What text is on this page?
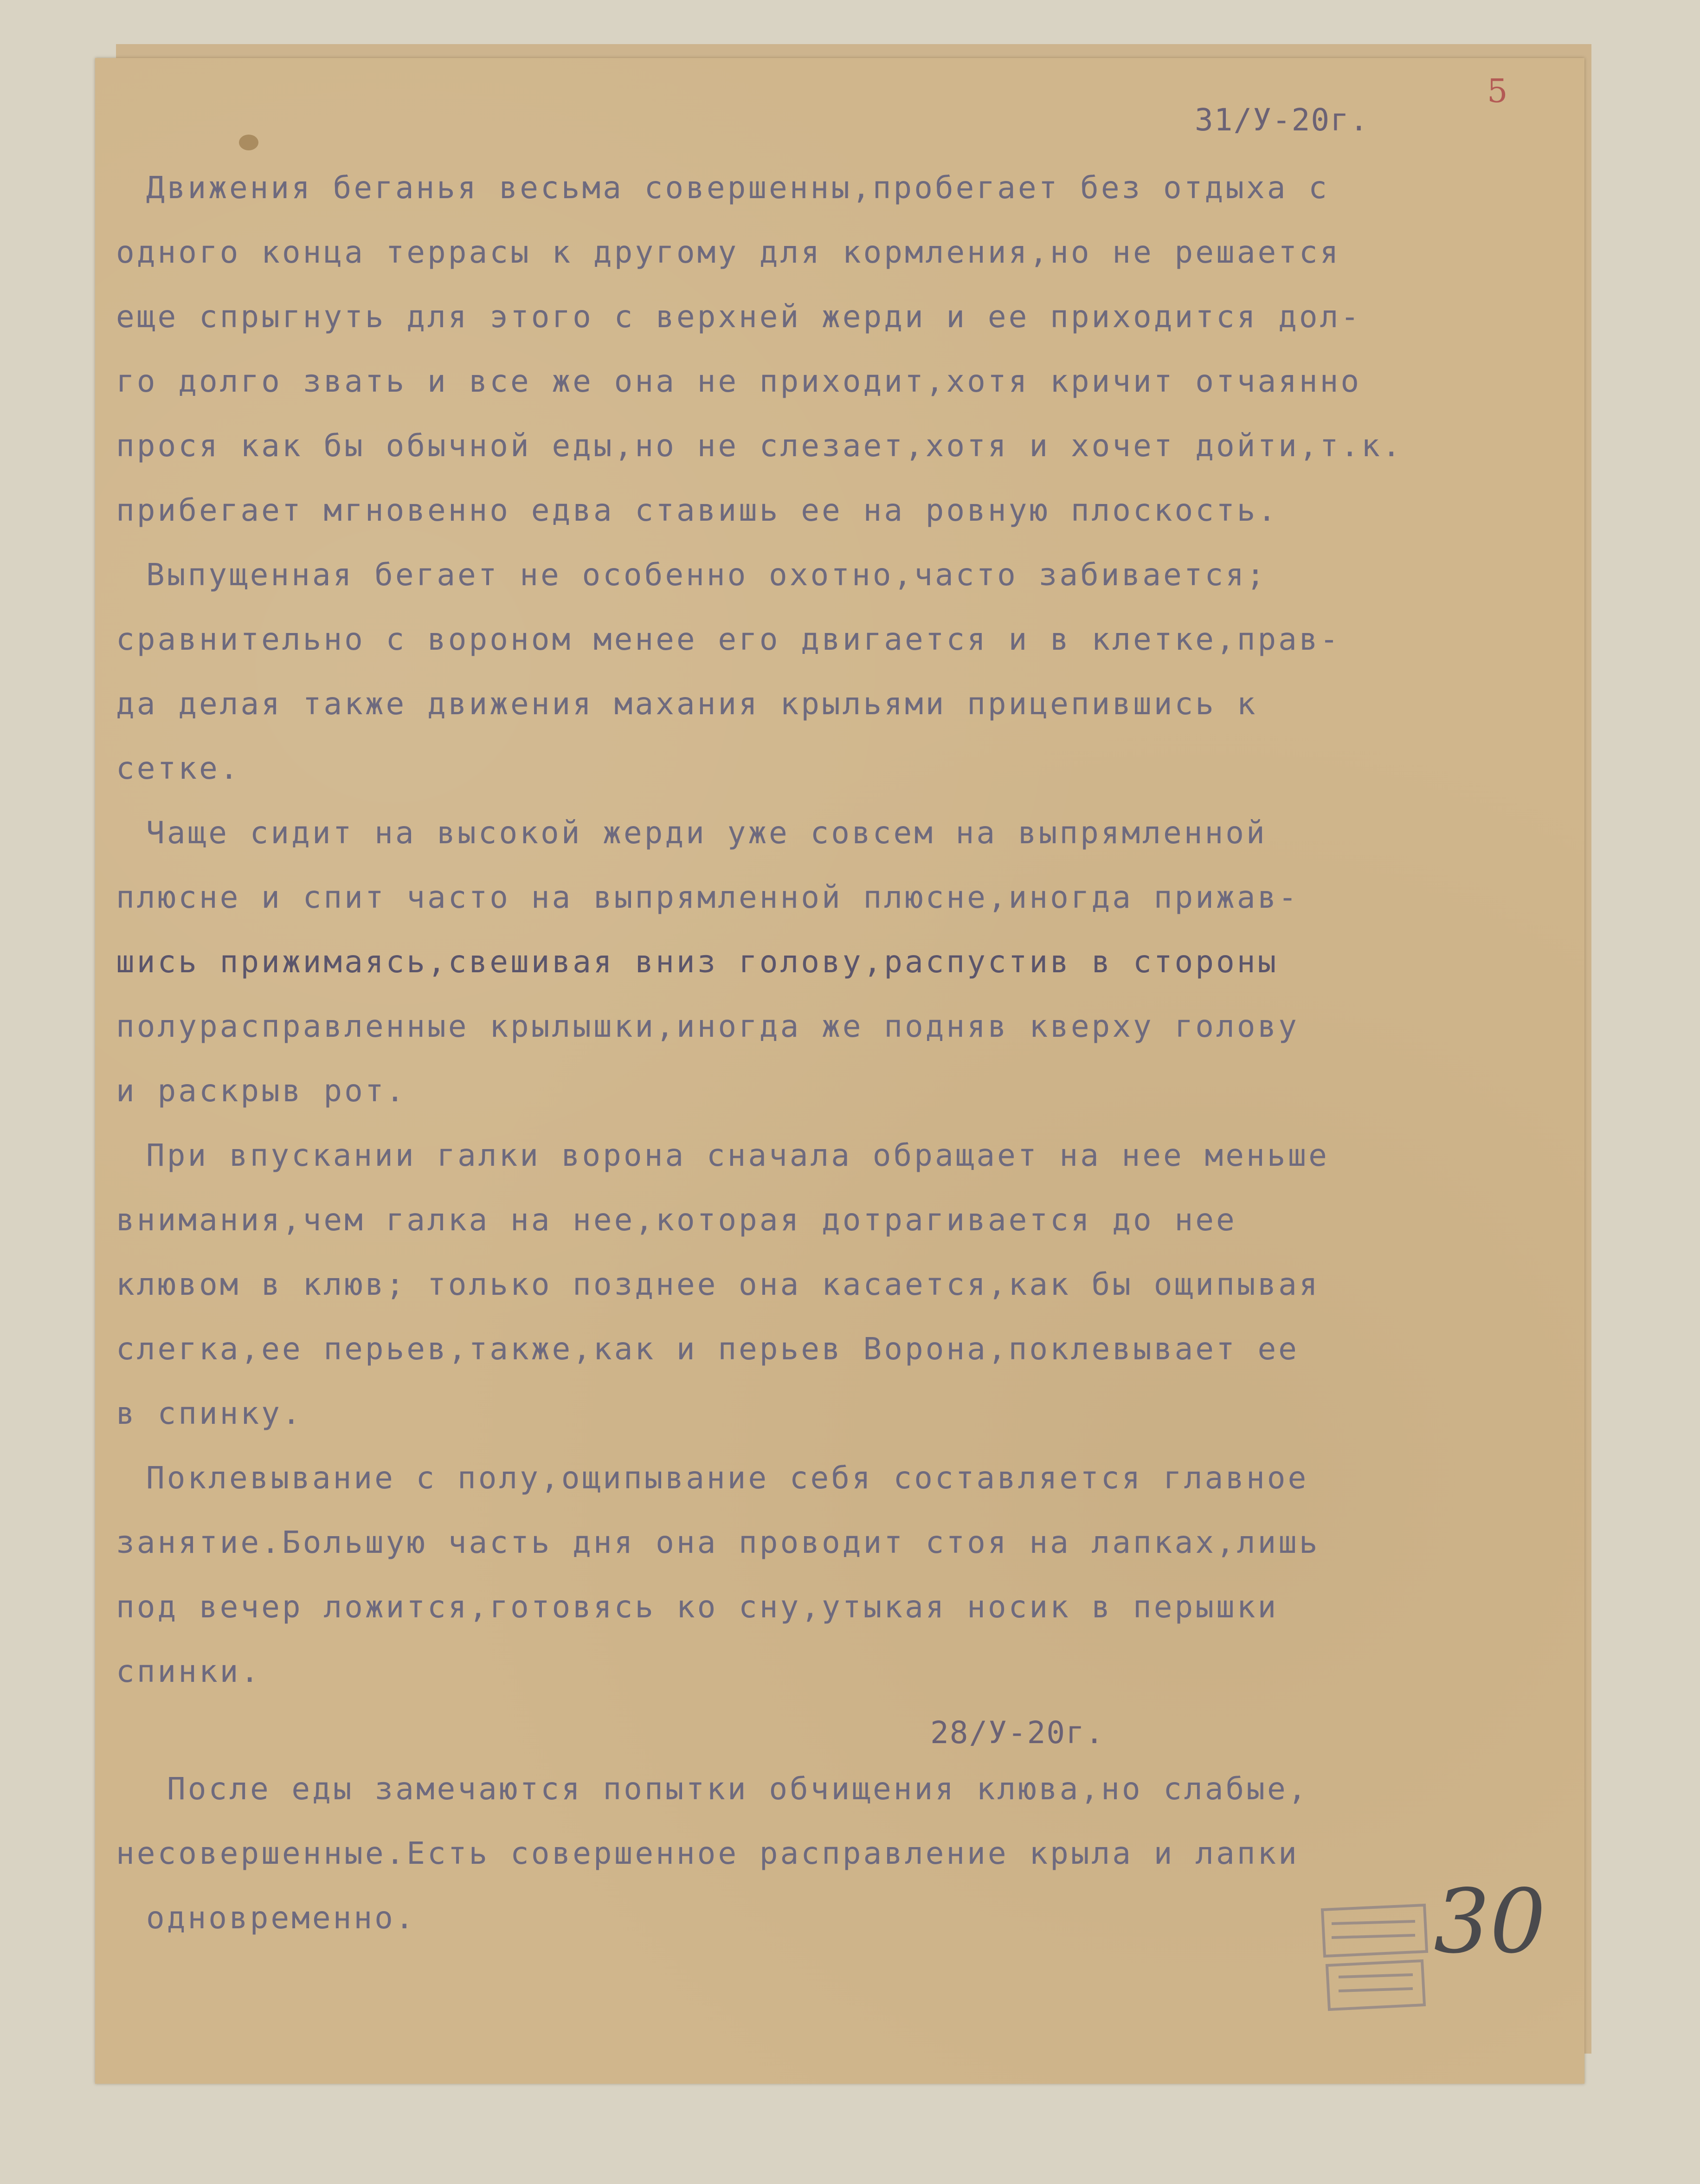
5
31/У-20г.
Движения беганья весьма совершенны,пробегает без отдыха с
одного конца террасы к другому для кормления,но не решается
еще спрыгнуть для этого с верхней жерди и ее приходится дол-
го долго звать и все же она не приходит,хотя кричит отчаянно
прося как бы обычной еды,но не слезает,хотя и хочет дойти,т.к.
прибегает мгновенно едва ставишь ее на ровную плоскость.
Выпущенная бегает не особенно охотно,часто забивается;
сравнительно с вороном менее его двигается и в клетке,прав-
да делая также движения махания крыльями прицепившись к
сетке.
Чаще сидит на высокой жерди уже совсем на выпрямленной
плюсне и спит часто на выпрямленной плюсне,иногда прижав-
шись прижимаясь,свешивая вниз голову,распустив в стороны
полурасправленные крылышки,иногда же подняв кверху голову
и раскрыв рот.
При впускании галки ворона сначала обращает на нее меньше
внимания,чем галка на нее,которая дотрагивается до нее
клювом в клюв; только позднее она касается,как бы ощипывая
слегка,ее перьев,также,как и перьев Ворона,поклевывает ее
в спинку.
Поклевывание с полу,ощипывание себя составляется главное
занятие.Большую часть дня она проводит стоя на лапках,лишь
под вечер ложится,готовясь ко сну,утыкая носик в перышки
спинки.
28/У-20г.
После еды замечаются попытки обчищения клюва,но слабые,
несовершенные.Есть совершенное расправление крыла и лапки
одновременно.	30
